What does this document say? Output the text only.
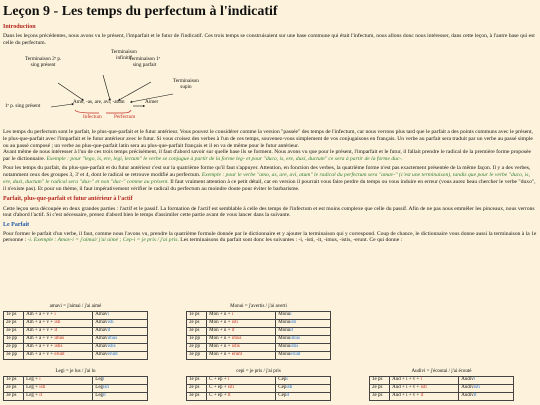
Leçon 9 - Les temps du perfectum à l'indicatif
Introduction

Dans les leçons précédentes, nous avons vu le présent, l'imparfait et le futur de l'indicatif. Ces trois temps se construisaient sur une base commune qui était l'infectum, nous allons donc nous intéresser, dans cette leçon, à l'autre base qui est celle du perfectum.

Terminaison
infinitif
Terminaison 2ᵉ p.
sing présent
Terminaison 1ᵉ
sing parfait
Terminaison
supin
1ᵉ p. sing présent
Amo, -as, are, avi, -atum	Aimer
Infectum Perfectum

Les temps du perfectum sont le parfait, le plus-que-parfait et le futur antérieur. Vous pouvez le considérer comme la version "passée" des temps de l'infectum, car nous verrons plus tard que le parfait a des points communs avec le présent, le plus-que-parfait avec l'imparfait et le futur antérieur avec le futur. Si vous croisez des verbes à l'un de ces temps, souvenez-vous simplement de vos conjugaisons en français. Un verbe au parfait sera traduit par un verbe au passé simple ou au passé composé ; un verbe au plus-que-parfait latin sera au plus-que-parfait français et il en va de même pour le futur antérieur.
Avant même de nous intéresser à l'un de ces trois temps précisément, il faut d'abord savoir sur quelle base ils se forment. Nous avons vu que pour le présent, l'imparfait et le futur, il fallait prendre le radical de la première forme proposée par le dictionnaire. Exemple : pour "lego, is, ere, legi, lectum" le verbe se conjugue à partir de la forme leg- et pour "duco, is, ere, duxi, ductum" ce sera à partir de la forme duc-.

Pour les temps du parfait, du plus-que-parfait et du futur antérieur c'est sur la quatrième forme qu'il faut s'appuyer. Attention, en fonction des verbes, la quatrième forme n'est pas exactement présentée de la même façon. Il y a des verbes, notamment ceux des groupes 3, 3' et 4, dont le radical se retrouve modifié au perfectum. Exemple : pour le verbe "amo, as, are, avi, atum" le radical du perfectum sera "amav-" (c'est une terminaison), tandis que pour le verbe "duco, is, ere, duxi, ductum" le radical sera "dux-" et non "duc-" comme au présent. Il faut vraiment attention à ce petit détail, car en version il pourrait vous faire perdre du temps ou vous induire en erreur (vous aurez beau chercher le verbe "duxo", il n'existe pas). Et pour un thème, il faut impérativement vérifier le radical du perfectum au moindre doute pour éviter le barbarisme.

Parfait, plus-que-parfait et futur antérieur à l'actif

Cette leçon sera découpée en deux grandes parties : l'actif et le passif. La formation de l'actif est semblable à celle des temps de l'infectum et est moins complexe que celle du passif. Afin de ne pas nous emmêler les pinceaux, nous verrons tout d'abord l'actif. Si c'est nécessaire, prenez d'abord bien le temps d'assimiler cette partie avant de vous lancer dans la suivante.

Le Parfait

Pour former le parfait d'un verbe, il faut, comme nous l'avons vu, prendre la quatrième formule donnée par le dictionnaire et y ajouter la terminaison qui y correspond. Coup de chance, le dictionnaire vous donne aussi la terminaison à la 1e personne : -i. Exemple : Amav-i = j'aimai/ j'ai aimé ; Cep-i = je pris / j'ai pris. Les terminaisons du parfait sont donc les suivantes : -i, -isti, -it, -imus, -istis, -erunt. Ce qui donne :

amavi = j'aimai / j'ai aimé		
1e ps	Am + a + v + i	Amavi
2e ps	Am + a + v + isti	Amavisti
3e ps	Am + a + v + it	Amavit
1e pp	Am + a + v + imus	Amavimus
2e pp	Am + a + v + istis	Amavistis
3e pp	Am + a + v + erunt	Amaverunt
Monui = j'avertis / j'ai averti		
1e ps	Mon + u + i	Monui
2e ps	Mon + u + isti	Monuisti
3e ps	Mon + u + it	Monuit
1e pp	Mon + u + imus	Monuimus
2e pp	Mon + u + istis	Monuistis
3e pp	Mon + u + erunt	Monuerunt
Legi = je lus / j'ai lu		
1e ps	Leg + i	Legi
2e ps	Leg + isti	Legisti
3e ps	Leg + it	Legit
cepi = je pris / j'ai pris		
1e ps	C + ep + i	Cepi
2e ps	C + ep + isti	Cepisti
3e ps	C + ep + it	Cepit
Audivi = j'écoutai / j'ai écouté		
1e ps	Aud + i + v + i	Audivi
2e ps	Aud + i + v + isti	Audivisti
3e ps	Aud + i + v + it	Audivit
